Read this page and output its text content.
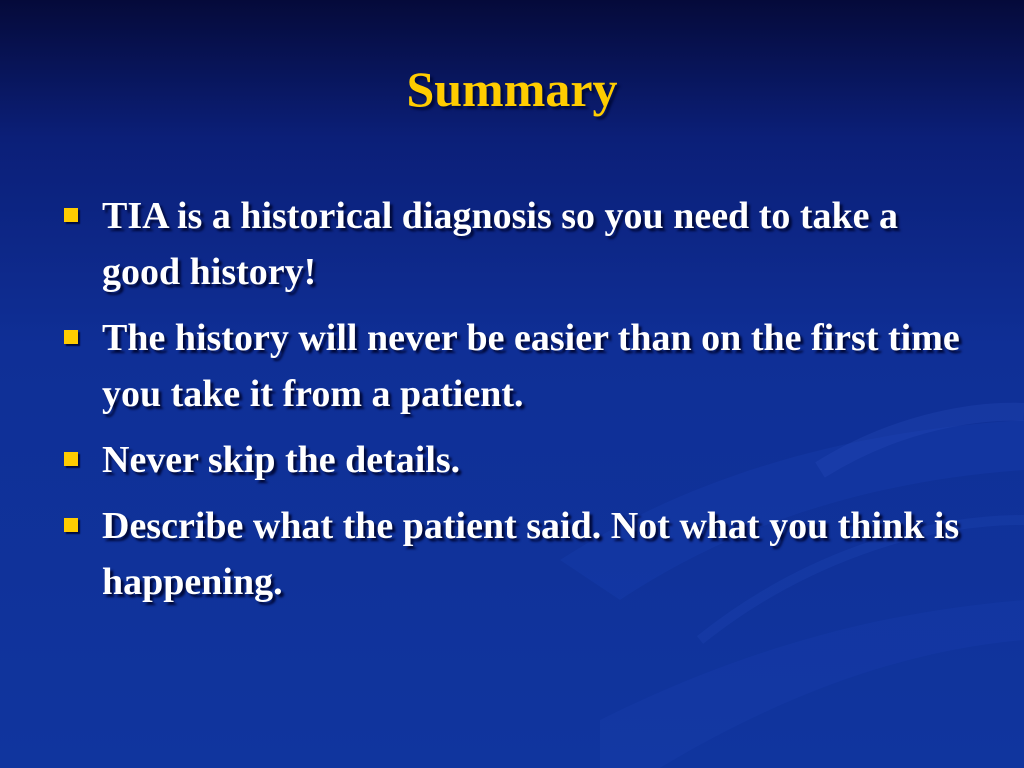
Summary
TIA is a historical diagnosis so you need to take a good history!
The history will never be easier than on the first time you take it from a patient.
Never skip the details.
Describe what the patient said. Not what you think is happening.
